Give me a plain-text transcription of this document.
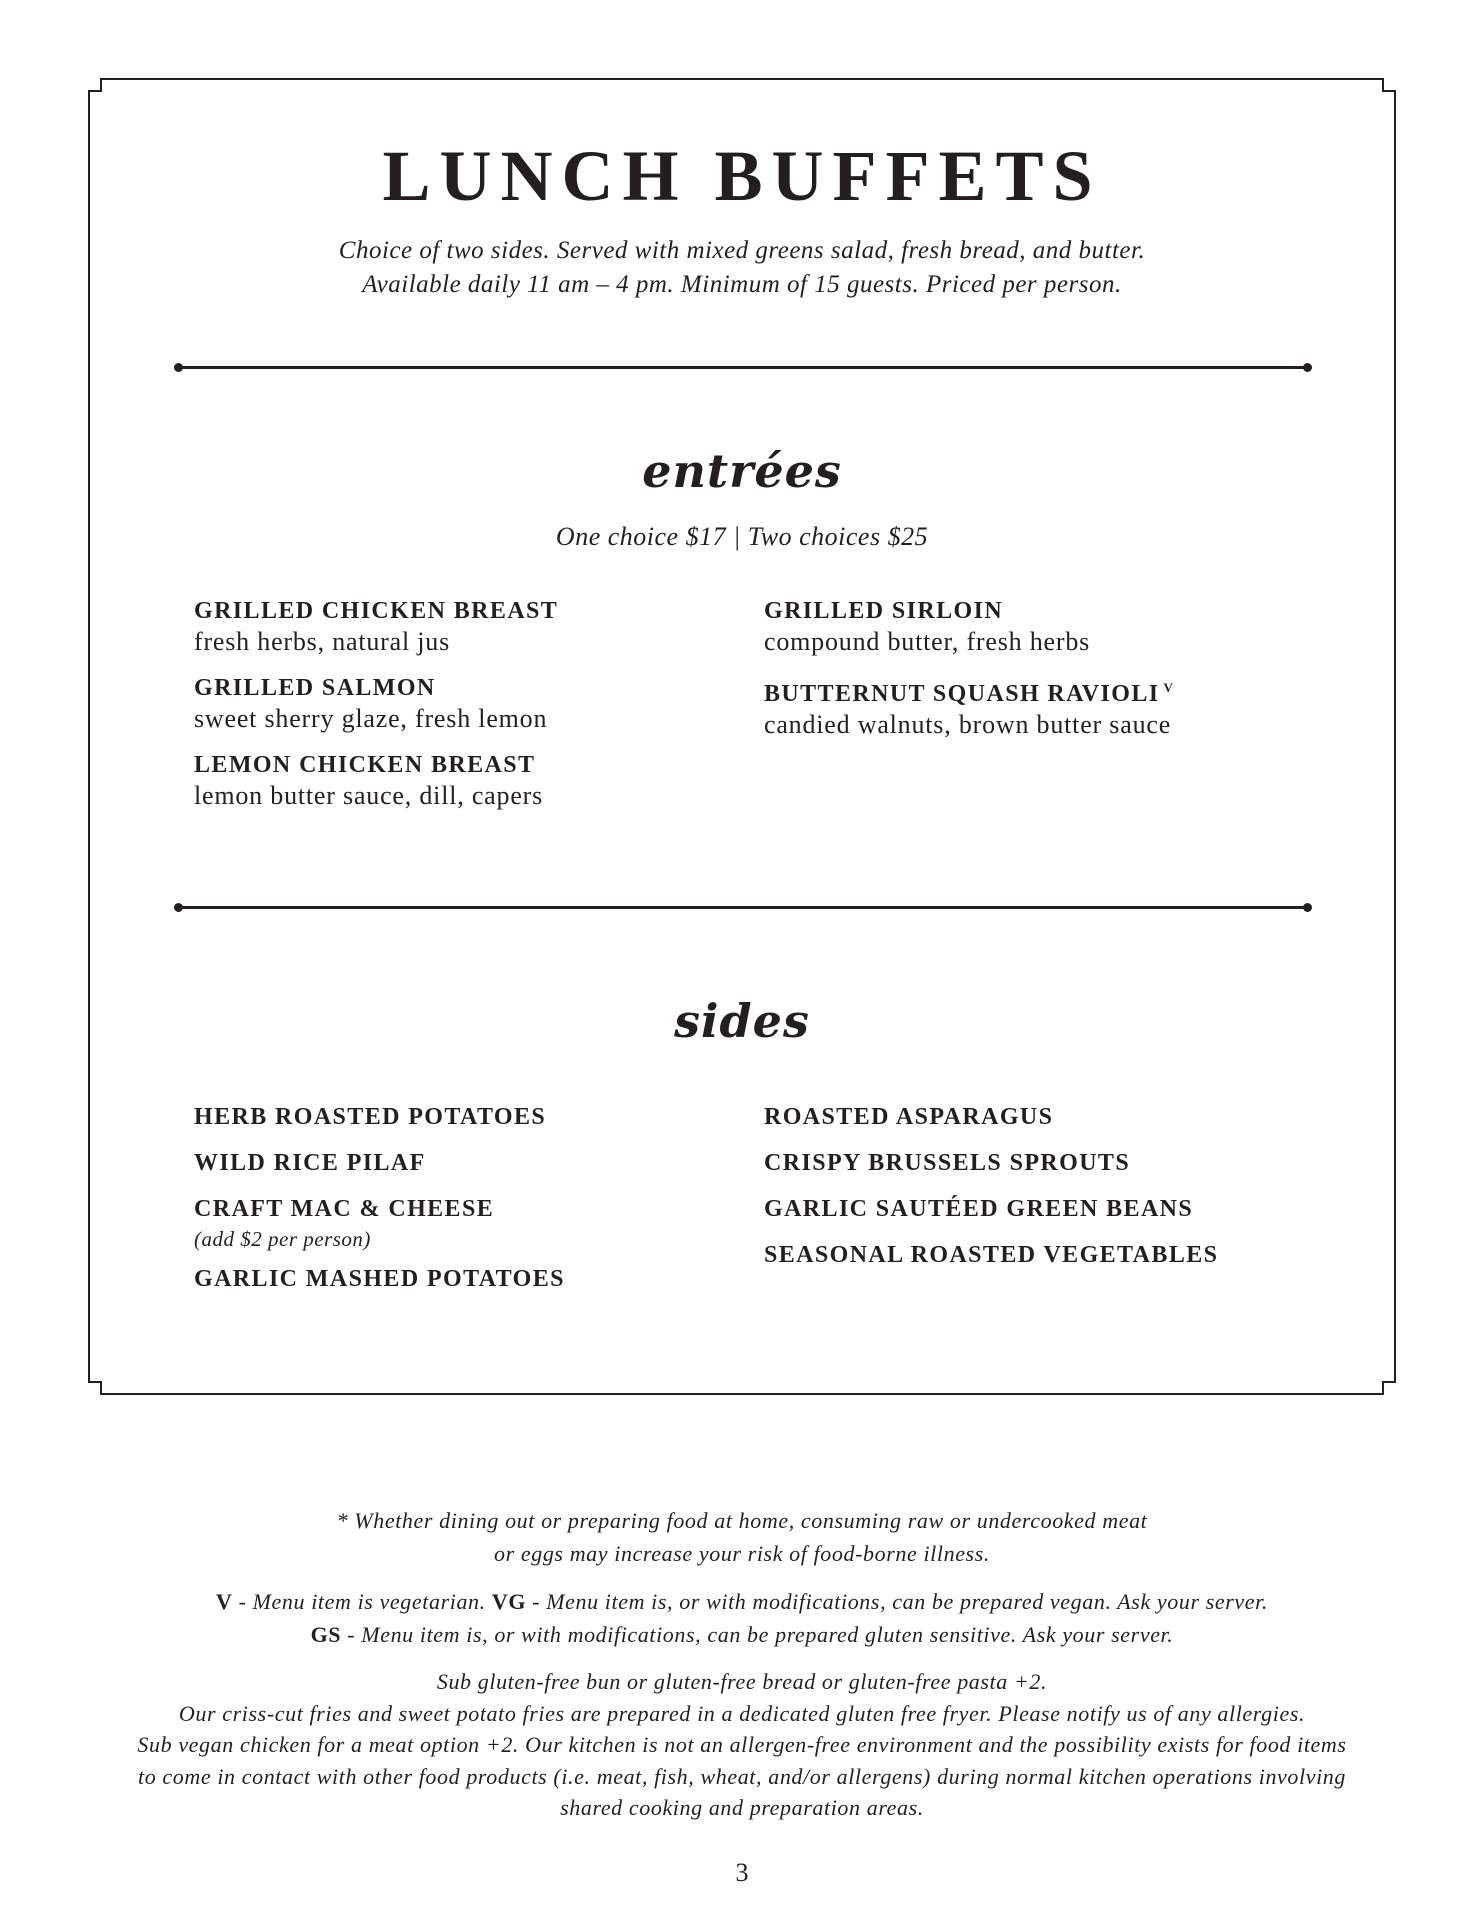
LUNCH BUFFETS
Choice of two sides. Served with mixed greens salad, fresh bread, and butter.
Available daily 11 am – 4 pm. Minimum of 15 guests. Priced per person.
entrées
One choice $17 | Two choices $25
GRILLED CHICKEN BREAST
fresh herbs, natural jus
GRILLED SALMON
sweet sherry glaze, fresh lemon
LEMON CHICKEN BREAST
lemon butter sauce, dill, capers
GRILLED SIRLOIN
compound butter, fresh herbs
BUTTERNUT SQUASH RAVIOLI $^V$
candied walnuts, brown butter sauce
sides
HERB ROASTED POTATOES
WILD RICE PILAF
CRAFT MAC & CHEESE
(add $2 per person)
GARLIC MASHED POTATOES
ROASTED ASPARAGUS
CRISPY BRUSSELS SPROUTS
GARLIC SAUTÉED GREEN BEANS
SEASONAL ROASTED VEGETABLES
* Whether dining out or preparing food at home, consuming raw or undercooked meat
or eggs may increase your risk of food-borne illness.
V - Menu item is vegetarian. VG - Menu item is, or with modifications, can be prepared vegan. Ask your server.
GS - Menu item is, or with modifications, can be prepared gluten sensitive. Ask your server.
Sub gluten-free bun or gluten-free bread or gluten-free pasta +2.
Our criss-cut fries and sweet potato fries are prepared in a dedicated gluten free fryer. Please notify us of any allergies.
Sub vegan chicken for a meat option +2. Our kitchen is not an allergen-free environment and the possibility exists for food items
to come in contact with other food products (i.e. meat, fish, wheat, and/or allergens) during normal kitchen operations involving
shared cooking and preparation areas.
3
